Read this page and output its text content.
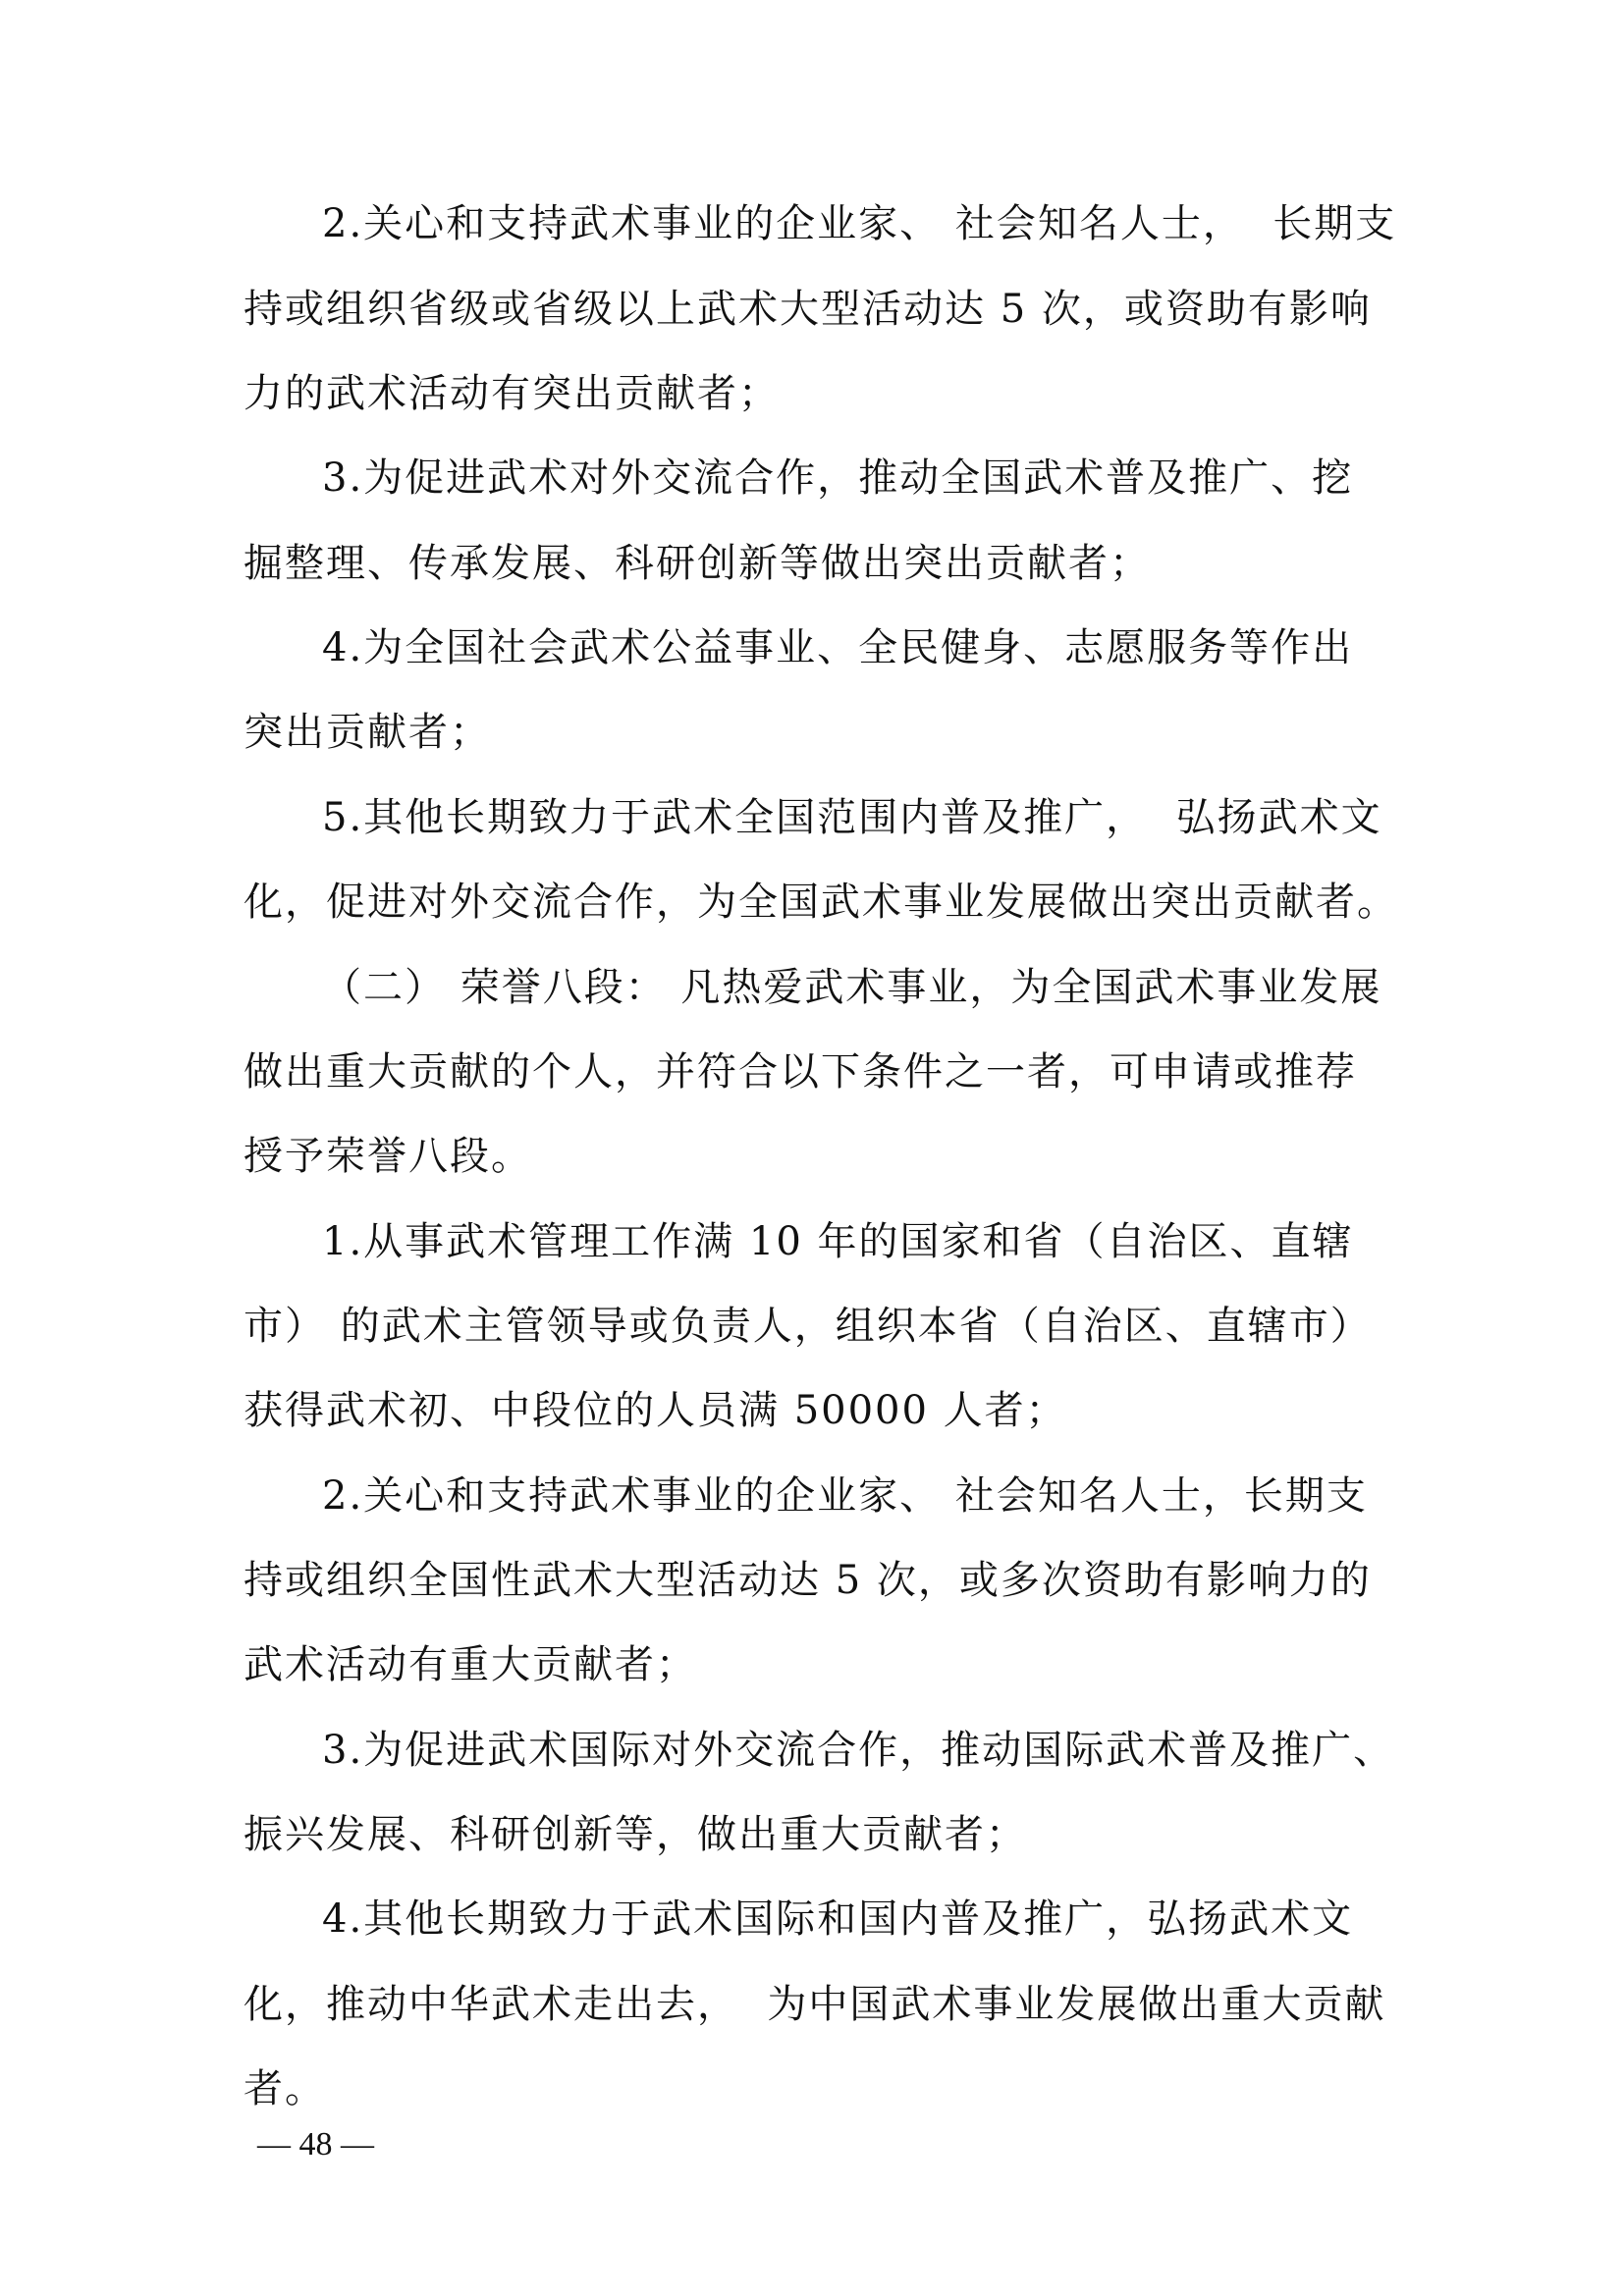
2.关心和支持武术事业的企业家、 社会知名人士，  长期支
持或组织省级或省级以上武术大型活动达 5 次，或资助有影响
力的武术活动有突出贡献者；
3.为促进武术对外交流合作，推动全国武术普及推广、挖
掘整理、传承发展、科研创新等做出突出贡献者；
4.为全国社会武术公益事业、全民健身、志愿服务等作出
突出贡献者；
5.其他长期致力于武术全国范围内普及推广，  弘扬武术文
化，促进对外交流合作，为全国武术事业发展做出突出贡献者。
（二） 荣誉八段： 凡热爱武术事业，为全国武术事业发展
做出重大贡献的个人，并符合以下条件之一者，可申请或推荐
授予荣誉八段。
1.从事武术管理工作满 10 年的国家和省（自治区、直辖
市） 的武术主管领导或负责人，组织本省（自治区、直辖市）
获得武术初、中段位的人员满 50000 人者；
2.关心和支持武术事业的企业家、 社会知名人士，长期支
持或组织全国性武术大型活动达 5 次，或多次资助有影响力的
武术活动有重大贡献者；
3.为促进武术国际对外交流合作，推动国际武术普及推广、
振兴发展、科研创新等，做出重大贡献者；
4.其他长期致力于武术国际和国内普及推广，弘扬武术文
化，推动中华武术走出去，  为中国武术事业发展做出重大贡献
者。
— 48 —
